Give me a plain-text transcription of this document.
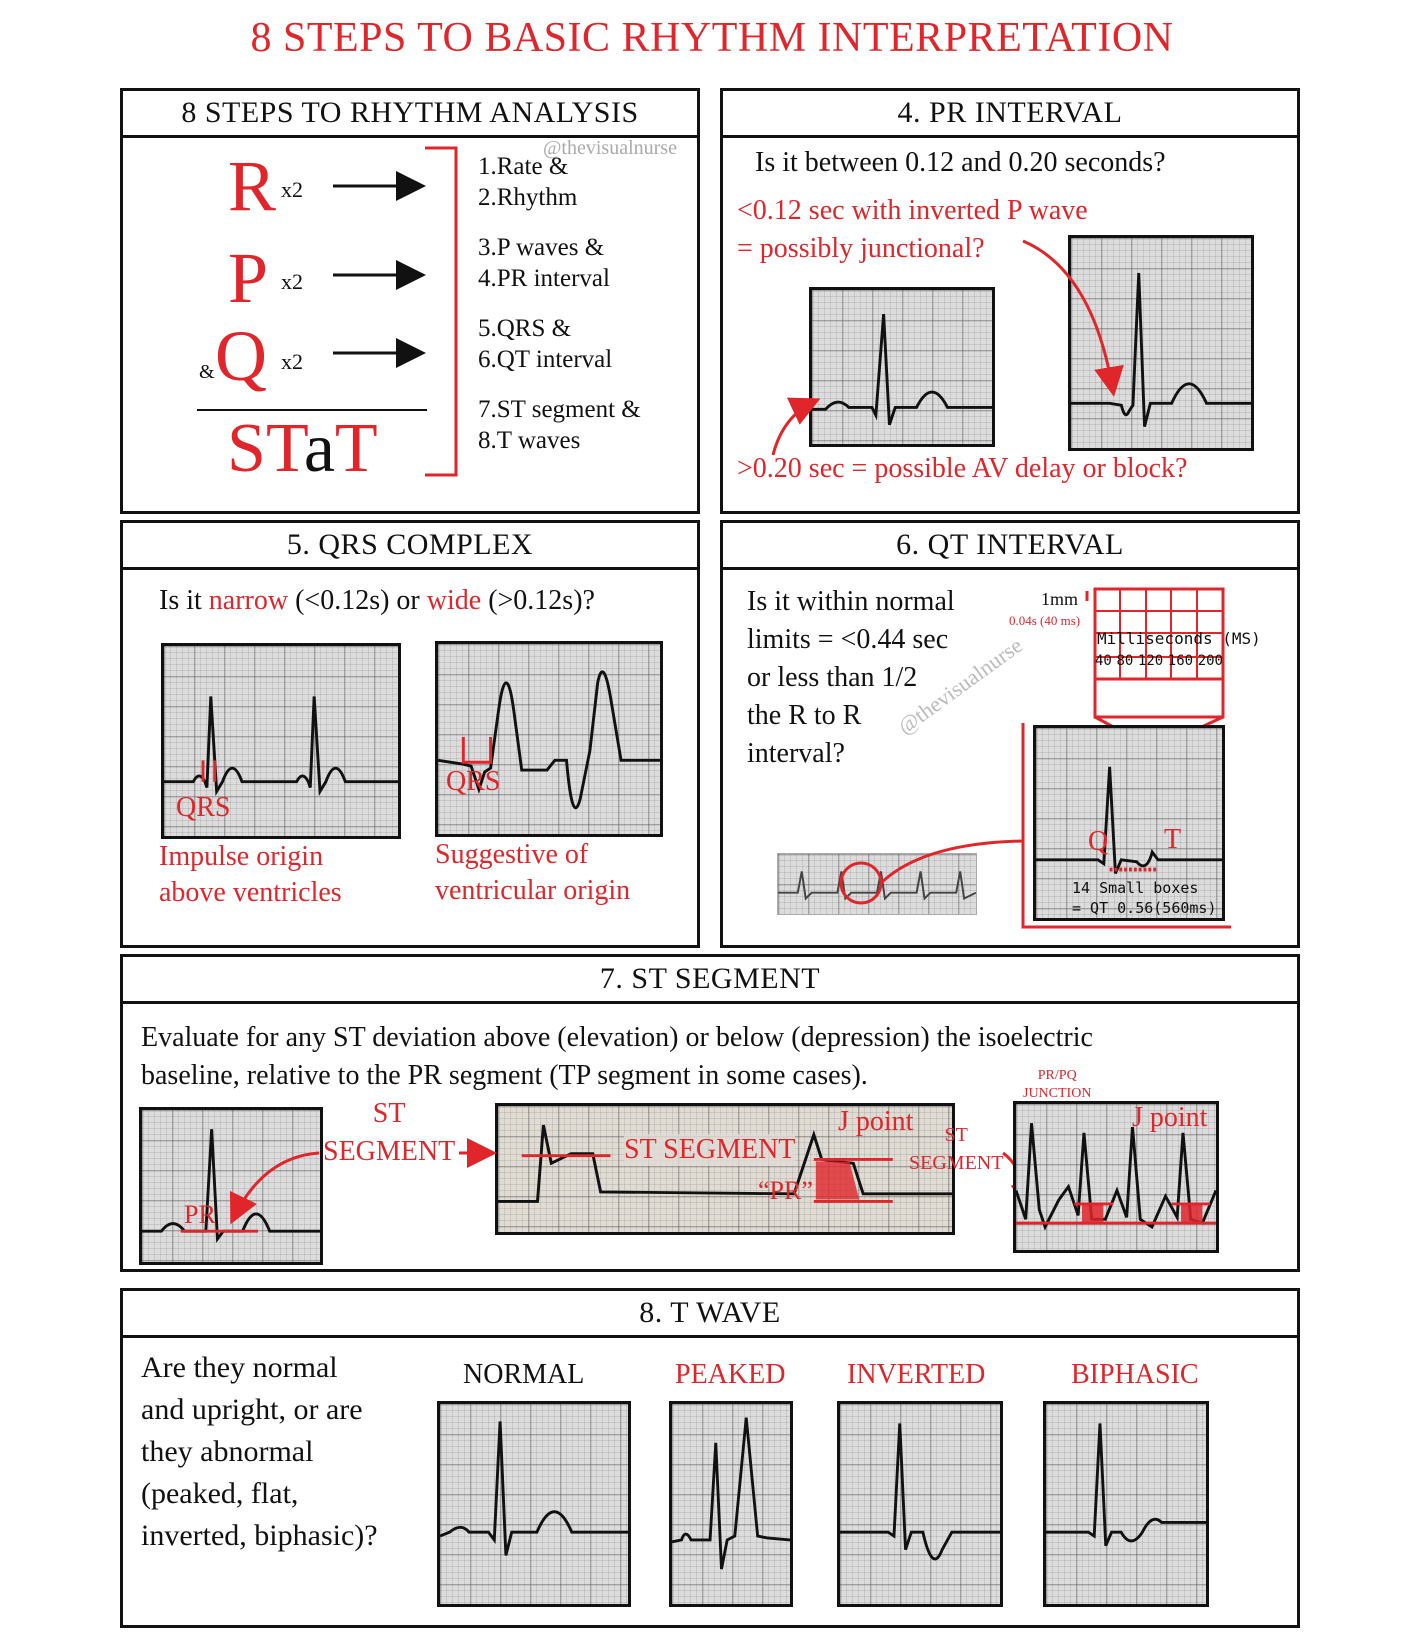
8 STEPS TO BASIC RHYTHM INTERPRETATION
8 STEPS TO RHYTHM ANALYSIS
@thevisualnurse
R x2
P x2
& Q x2
STaT
1.Rate &
2.Rhythm
3.P waves &
4.PR interval
5.QRS &
6.QT interval
7.ST segment &
8.T waves
4. PR INTERVAL
Is it between 0.12 and 0.20 seconds?
<0.12 sec with inverted P wave
= possibly junctional?
>0.20 sec = possible AV delay or block?
5. QRS COMPLEX
Is it narrow (<0.12s) or wide (>0.12s)?
QRS
QRS
Impulse origin
above ventricles
Suggestive of
ventricular origin
6. QT INTERVAL
Is it within normal
limits = <0.44 sec
or less than 1/2
the R to R
interval?
1mm
0.04s (40 ms)
Milliseconds (MS)
40 80 120 160 200
@thevisualnurse
Q T
14 Small boxes
= QT 0.56(560ms)
7. ST SEGMENT
Evaluate for any ST deviation above (elevation) or below (depression) the isoelectric
baseline, relative to the PR segment (TP segment in some cases).
PR
ST
SEGMENT	ST SEGMENT
J point
“PR”
ST
SEGMENT
PR/PQ
JUNCTION
J point
8. T WAVE
Are they normal
and upright, or are
they abnormal
(peaked, flat,
inverted, biphasic)?
NORMAL	PEAKED INVERTED	BIPHASIC
